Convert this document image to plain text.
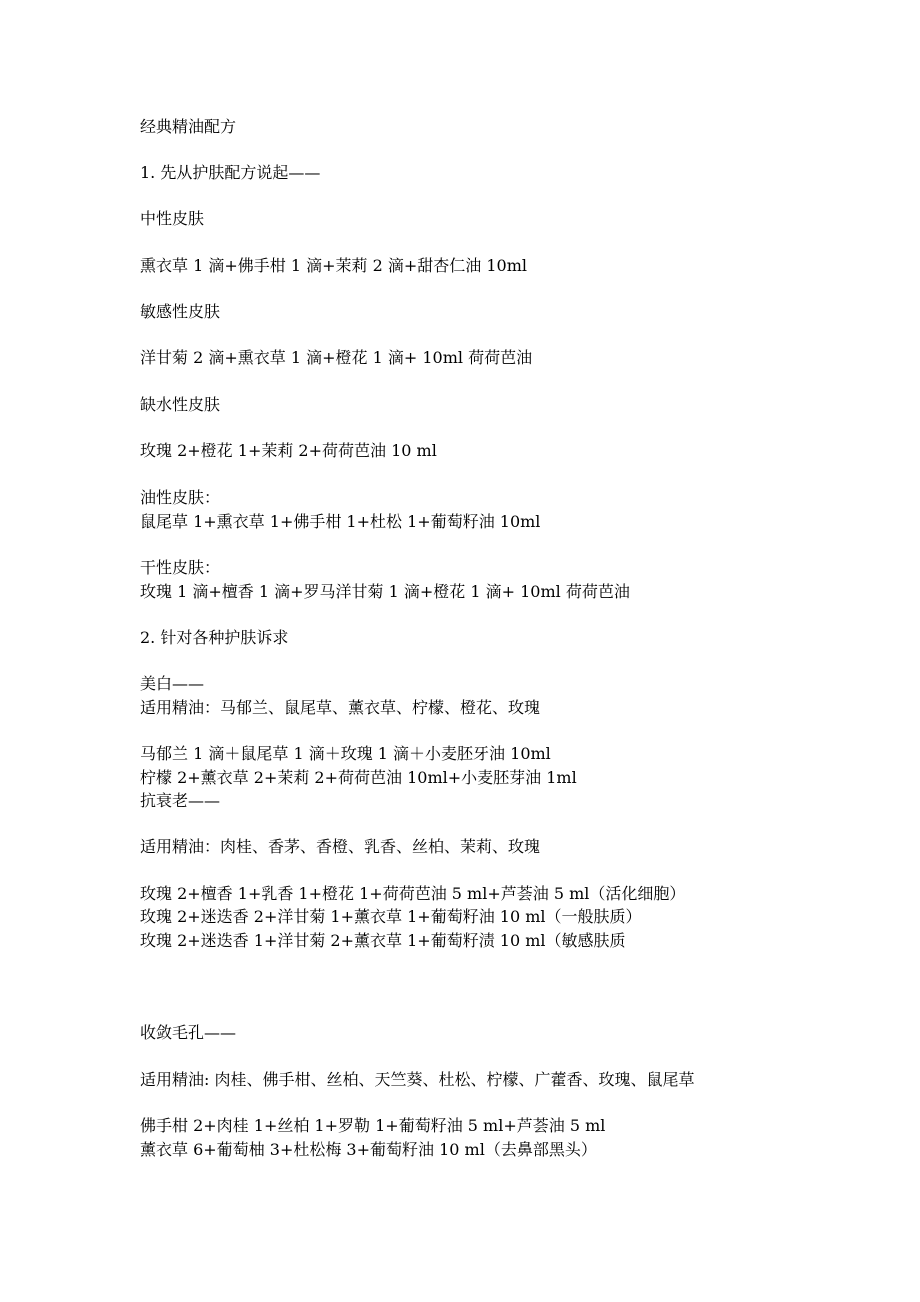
经典精油配方

1. 先从护肤配方说起——

中性皮肤

熏衣草 1 滴+佛手柑 1 滴+茉莉 2 滴+甜杏仁油 10ml

敏感性皮肤

洋甘菊 2 滴+熏衣草 1 滴+橙花 1 滴+ 10ml 荷荷芭油

缺水性皮肤

玫瑰 2+橙花 1+茉莉 2+荷荷芭油 10 ml

油性皮肤：

鼠尾草 1+熏衣草 1+佛手柑 1+杜松 1+葡萄籽油 10ml

干性皮肤：

玫瑰 1 滴+檀香 1 滴+罗马洋甘菊 1 滴+橙花 1 滴+ 10ml 荷荷芭油

2. 针对各种护肤诉求

美白——

适用精油：马郁兰、鼠尾草、薰衣草、柠檬、橙花、玫瑰

马郁兰 1 滴＋鼠尾草 1 滴＋玫瑰 1 滴＋小麦胚牙油 10ml

柠檬 2+薰衣草 2+茉莉 2+荷荷芭油 10ml+小麦胚芽油 1ml

抗衰老——

适用精油：肉桂、香茅、香橙、乳香、丝柏、茉莉、玫瑰

玫瑰 2+檀香 1+乳香 1+橙花 1+荷荷芭油 5 ml+芦荟油 5 ml（活化细胞）

玫瑰 2+迷迭香 2+洋甘菊 1+薰衣草 1+葡萄籽油 10 ml（一般肤质）

玫瑰 2+迷迭香 1+洋甘菊 2+薰衣草 1+葡萄籽渍 10 ml（敏感肤质

收敛毛孔——

适用精油: 肉桂、佛手柑、丝柏、天竺葵、杜松、柠檬、广藿香、玫瑰、鼠尾草

佛手柑 2+肉桂 1+丝柏 1+罗勒 1+葡萄籽油 5 ml+芦荟油 5 ml

薰衣草 6+葡萄柚 3+杜松梅 3+葡萄籽油 10 ml（去鼻部黑头）
